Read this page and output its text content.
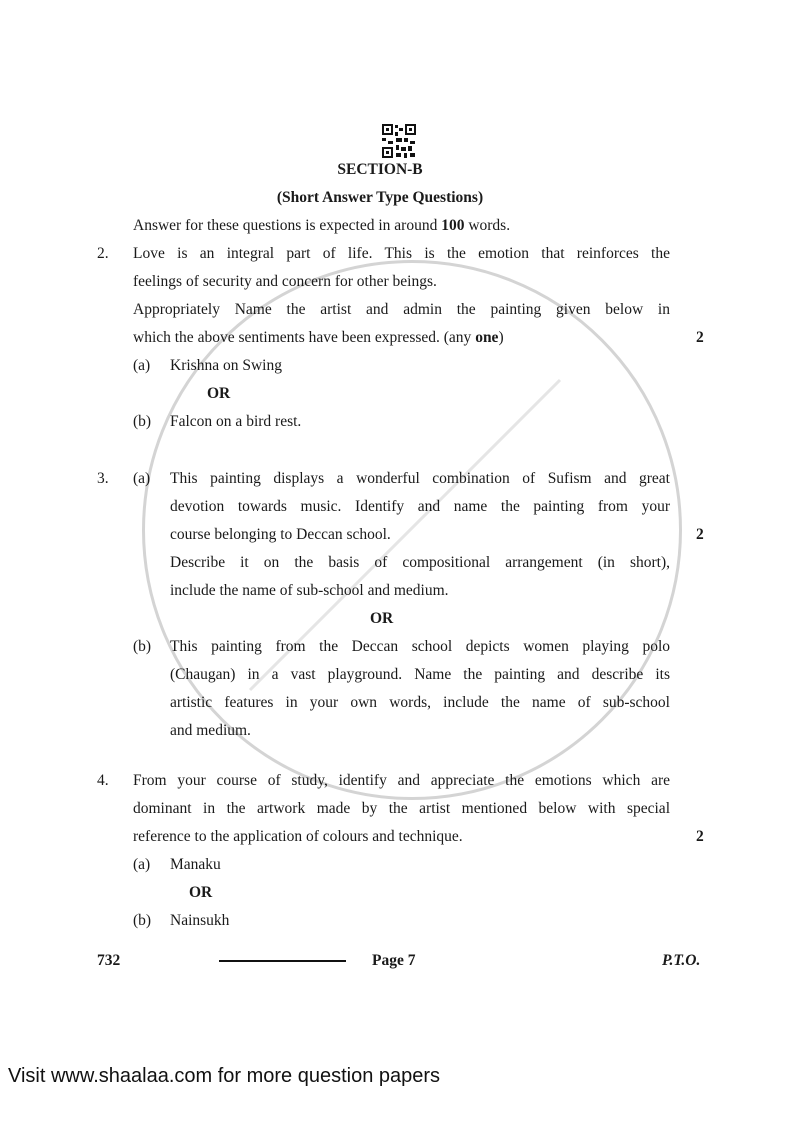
SECTION-B
(Short Answer Type Questions)
Answer for these questions is expected in around 100 words.
2. Love is an integral part of life. This is the emotion that reinforces the
feelings of security and concern for other beings.
Appropriately Name the artist and admin the painting given below in
which the above sentiments have been expressed. (any one)	2
(a) Krishna on Swing
OR
(b) Falcon on a bird rest.
3. (a) This painting displays a wonderful combination of Sufism and great
devotion towards music. Identify and name the painting from your
course belonging to Deccan school.	2
Describe it on the basis of compositional arrangement (in short),
include the name of sub-school and medium.
OR
(b) This painting from the Deccan school depicts women playing polo
(Chaugan) in a vast playground. Name the painting and describe its
artistic features in your own words, include the name of sub-school
and medium.
4. From your course of study, identify and appreciate the emotions which are
dominant in the artwork made by the artist mentioned below with special
reference to the application of colours and technique.	2
(a) Manaku
OR
(b) Nainsukh
732	Page 7	P.T.O.
Visit www.shaalaa.com for more question papers
